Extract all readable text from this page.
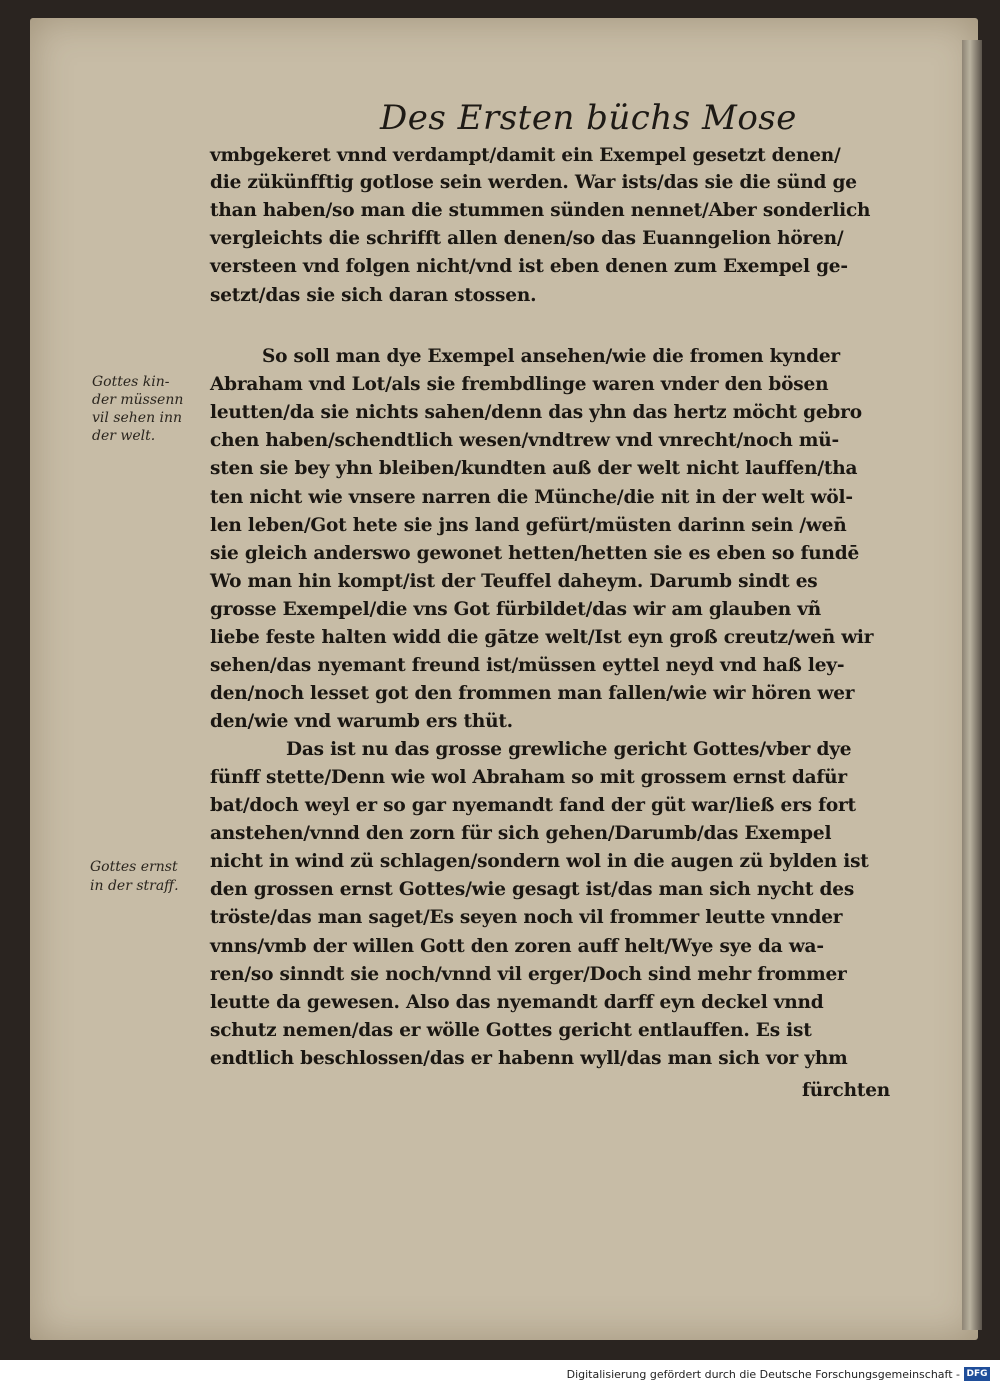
Des Ersten büchs Mose
vmbgekeret vnnd verdampt/damit ein Exempel gesetzt denen/
die zükünfftig gotlose sein werden. War ists/das sie die sünd ge
than haben/so man die stummen sünden nennet/Aber sonderlich
vergleichts die schrifft allen denen/so das Euanngelion hören/
versteen vnd folgen nicht/vnd ist eben denen zum Exempel ge-
setzt/das sie sich daran stossen.
So soll man dye Exempel ansehen/wie die fromen kynder
Abraham vnd Lot/als sie frembdlinge waren vnder den bösen
leutten/da sie nichts sahen/denn das yhn das hertz möcht gebro
chen haben/schendtlich wesen/vndtrew vnd vnrecht/noch mü-
sten sie bey yhn bleiben/kundten auß der welt nicht lauffen/tha
ten nicht wie vnsere narren die Münche/die nit in der welt wöl-
len leben/Got hete sie jns land gefürt/müsten darinn sein /wen̄
sie gleich anderswo gewonet hetten/hetten sie es eben so fundē
Wo man hin kompt/ist der Teuffel daheym. Darumb sindt es
grosse Exempel/die vns Got fürbildet/das wir am glauben vñ
liebe feste halten widd die gātze welt/Ist eyn groß creutz/wen̄ wir
sehen/das nyemant freund ist/müssen eyttel neyd vnd haß ley-
den/noch lesset got den frommen man fallen/wie wir hören wer
den/wie vnd warumb ers thüt.
Das ist nu das grosse grewliche gericht Gottes/vber dye
fünff stette/Denn wie wol Abraham so mit grossem ernst dafür
bat/doch weyl er so gar nyemandt fand der güt war/ließ ers fort
anstehen/vnnd den zorn für sich gehen/Darumb/das Exempel
nicht in wind zü schlagen/sondern wol in die augen zü bylden ist
den grossen ernst Gottes/wie gesagt ist/das man sich nycht des
tröste/das man saget/Es seyen noch vil frommer leutte vnnder
vnns/vmb der willen Gott den zoren auff helt/Wye sye da wa-
ren/so sinndt sie noch/vnnd vil erger/Doch sind mehr frommer
leutte da gewesen. Also das nyemandt darff eyn deckel vnnd
schutz nemen/das er wölle Gottes gericht entlauffen. Es ist
endtlich beschlossen/das er habenn wyll/das man sich vor yhm
fürchten
Gottes kin-
der müssenn
vil sehen inn
der welt.
Gottes ernst
in der straff.
Digitalisierung gefördert durch die Deutsche Forschungsgemeinschaft - DFG
